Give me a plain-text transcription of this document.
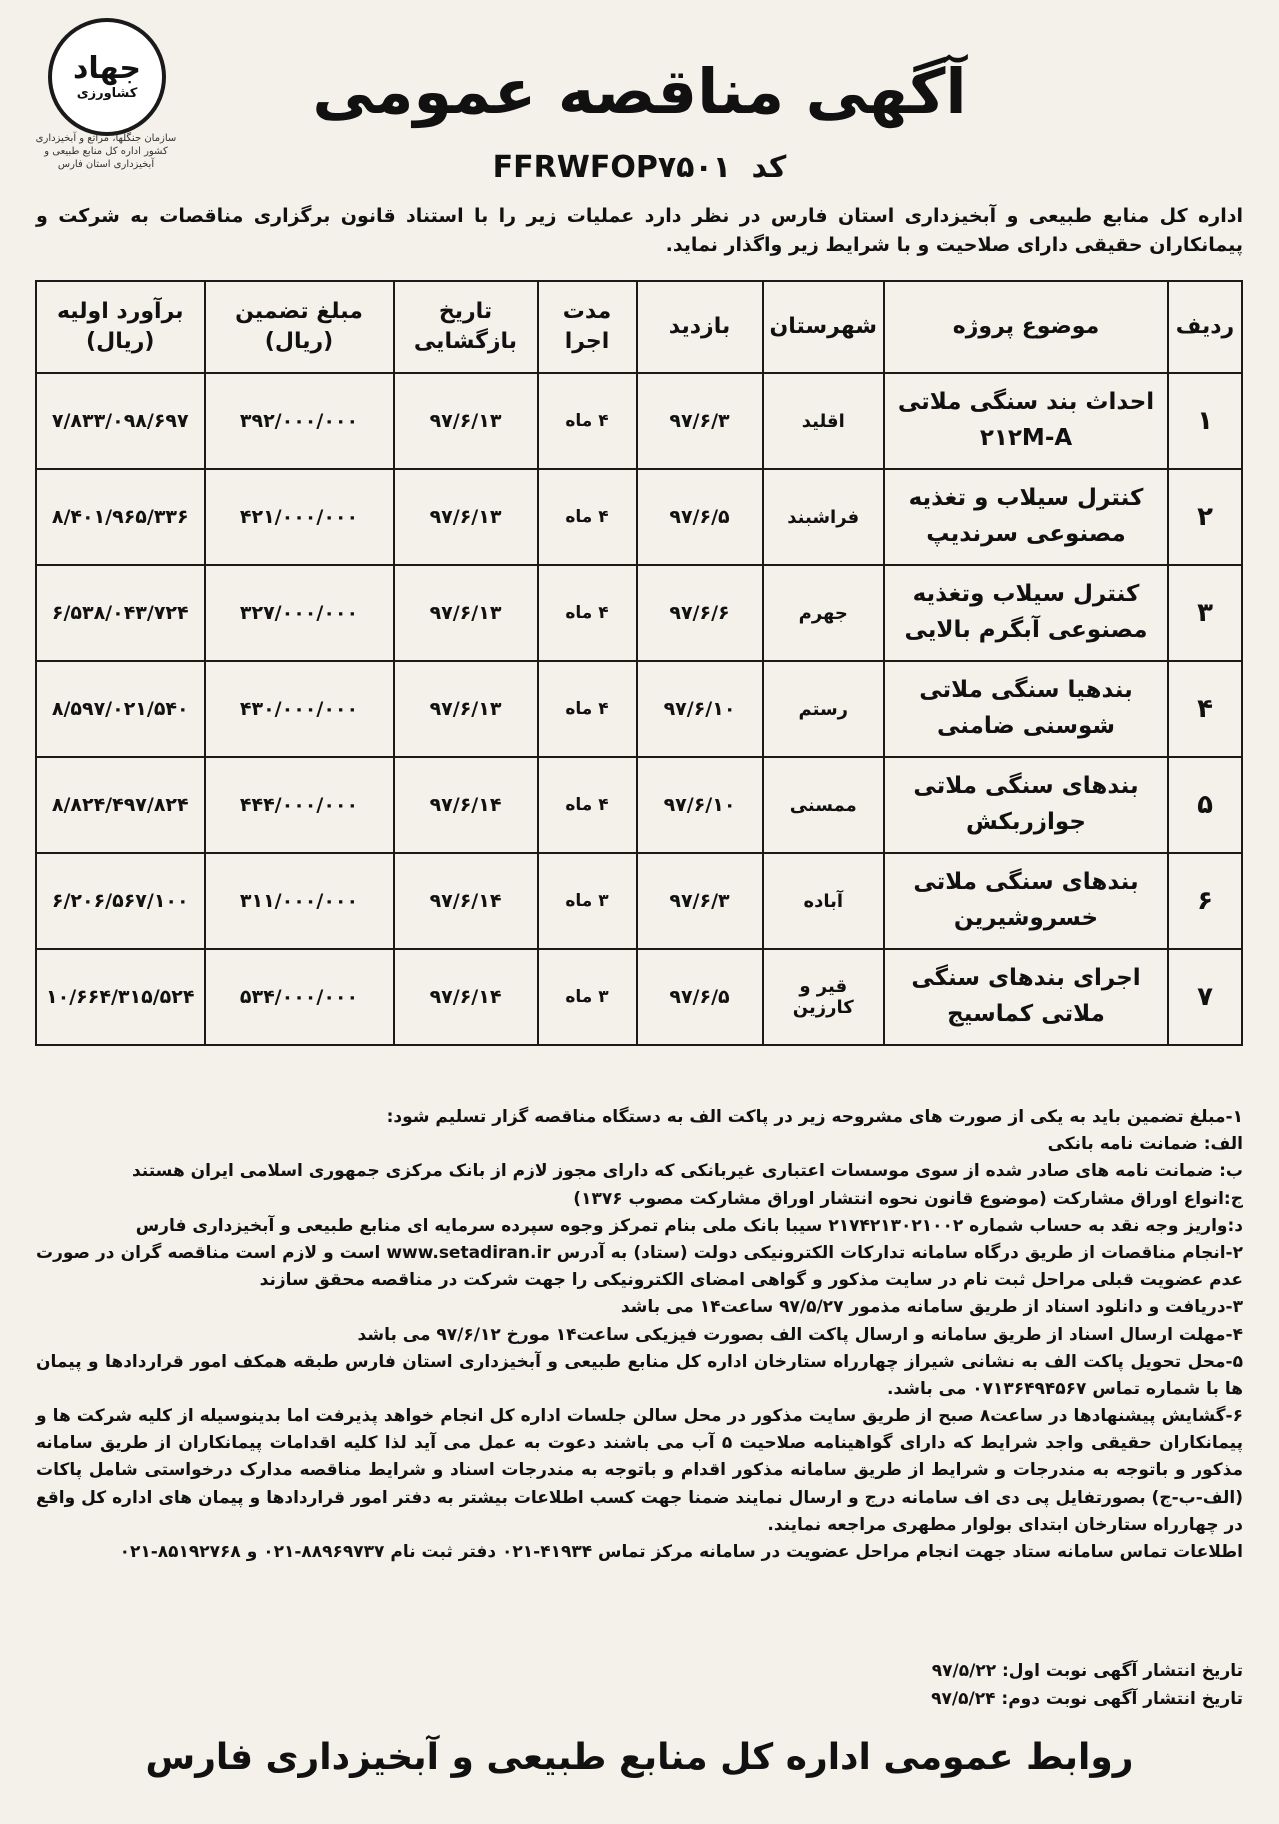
جهاد
کشاورزی
سازمان جنگلها، مراتع و آبخیزداری کشور اداره کل منابع طبیعی و آبخیزداری استان فارس
آگهی مناقصه عمومی
کد FFRWFOP۷۵۰۱
اداره کل منابع طبیعی و آبخیزداری استان فارس در نظر دارد عملیات زیر را با استناد قانون برگزاری مناقصات به شرکت و پیمانکاران حقیقی دارای صلاحیت و با شرایط زیر واگذار نماید.
ردیف	موضوع پروژه	شهرستان	بازدید	مدت اجرا	تاریخ بازگشایی	مبلغ تضمین (ریال)	برآورد اولیه (ریال)
۱	احداث بند سنگی ملاتی ۲۱۲M-A	اقلید	۹۷/۶/۳	۴ ماه	۹۷/۶/۱۳	۳۹۲/۰۰۰/۰۰۰	۷/۸۳۳/۰۹۸/۶۹۷
۲	کنترل سیلاب و تغذیه مصنوعی سرندیپ	فراشبند	۹۷/۶/۵	۴ ماه	۹۷/۶/۱۳	۴۲۱/۰۰۰/۰۰۰	۸/۴۰۱/۹۶۵/۳۳۶
۳	کنترل سیلاب وتغذیه مصنوعی آبگرم بالایی	جهرم	۹۷/۶/۶	۴ ماه	۹۷/۶/۱۳	۳۲۷/۰۰۰/۰۰۰	۶/۵۳۸/۰۴۳/۷۲۴
۴	بندهیا سنگی ملاتی شوسنی ضامنی	رستم	۹۷/۶/۱۰	۴ ماه	۹۷/۶/۱۳	۴۳۰/۰۰۰/۰۰۰	۸/۵۹۷/۰۲۱/۵۴۰
۵	بندهای سنگی ملاتی جوازربکش	ممسنی	۹۷/۶/۱۰	۴ ماه	۹۷/۶/۱۴	۴۴۴/۰۰۰/۰۰۰	۸/۸۲۴/۴۹۷/۸۲۴
۶	بندهای سنگی ملاتی خسروشیرین	آباده	۹۷/۶/۳	۳ ماه	۹۷/۶/۱۴	۳۱۱/۰۰۰/۰۰۰	۶/۲۰۶/۵۶۷/۱۰۰
۷	اجرای بندهای سنگی ملاتی کماسیج	قیر و کارزین	۹۷/۶/۵	۳ ماه	۹۷/۶/۱۴	۵۳۴/۰۰۰/۰۰۰	۱۰/۶۶۴/۳۱۵/۵۲۴

۱-مبلغ تضمین باید به یکی از صورت های مشروحه زیر در پاکت الف به دستگاه مناقصه گزار تسلیم شود:

الف: ضمانت نامه بانکی

ب: ضمانت نامه های صادر شده از سوی موسسات اعتباری غیربانکی که دارای مجوز لازم از بانک مرکزی جمهوری اسلامی ایران هستند

ج:انواع اوراق مشارکت (موضوع قانون نحوه انتشار اوراق مشارکت مصوب ۱۳۷۶)

د:واریز وجه نقد به حساب شماره ۲۱۷۴۲۱۳۰۲۱۰۰۲ سیبا بانک ملی بنام تمرکز وجوه سپرده سرمایه ای منابع طبیعی و آبخیزداری فارس

۲-انجام مناقصات از طریق درگاه سامانه تدارکات الکترونیکی دولت (ستاد) به آدرس www.setadiran.ir است و لازم است مناقصه گران در صورت عدم عضویت قبلی مراحل ثبت نام در سایت مذکور و گواهی امضای الکترونیکی را جهت شرکت در مناقصه محقق سازند

۳-دریافت و دانلود اسناد از طریق سامانه مذمور ۹۷/۵/۲۷ ساعت۱۴ می باشد

۴-مهلت ارسال اسناد از طریق سامانه و ارسال پاکت الف بصورت فیزیکی ساعت۱۴ مورخ ۹۷/۶/۱۲ می باشد

۵-محل تحویل پاکت الف به نشانی شیراز چهارراه ستارخان اداره کل منابع طبیعی و آبخیزداری استان فارس طبقه همکف امور قراردادها و پیمان ها با شماره تماس ۰۷۱۳۶۴۹۴۵۶۷ می باشد.

۶-گشایش پیشنهادها در ساعت۸ صبح از طریق سایت مذکور در محل سالن جلسات اداره کل انجام خواهد پذیرفت اما بدینوسیله از کلیه شرکت ها و پیمانکاران حقیقی واجد شرایط که دارای گواهینامه صلاحیت ۵ آب می باشند دعوت به عمل می آید لذا کلیه اقدامات پیمانکاران از طریق سامانه مذکور و باتوجه به مندرجات و شرایط از طریق سامانه مذکور اقدام و باتوجه به مندرجات اسناد و شرایط مناقصه مدارک درخواستی شامل پاکات (الف-ب-ج) بصورتفایل پی دی اف سامانه درج و ارسال نمایند ضمنا جهت کسب اطلاعات بیشتر به دفتر امور قراردادها و پیمان های اداره کل واقع در چهارراه ستارخان ابتدای بولوار مطهری مراجعه نمایند.

اطلاعات تماس سامانه ستاد جهت انجام مراحل عضویت در سامانه مرکز تماس ۴۱۹۳۴-۰۲۱ دفتر ثبت نام ۸۸۹۶۹۷۳۷-۰۲۱ و ۸۵۱۹۲۷۶۸-۰۲۱

تاریخ انتشار آگهی نوبت اول: ۹۷/۵/۲۲
تاریخ انتشار آگهی نوبت دوم: ۹۷/۵/۲۴
روابط عمومی اداره کل منابع طبیعی و آبخیزداری فارس
